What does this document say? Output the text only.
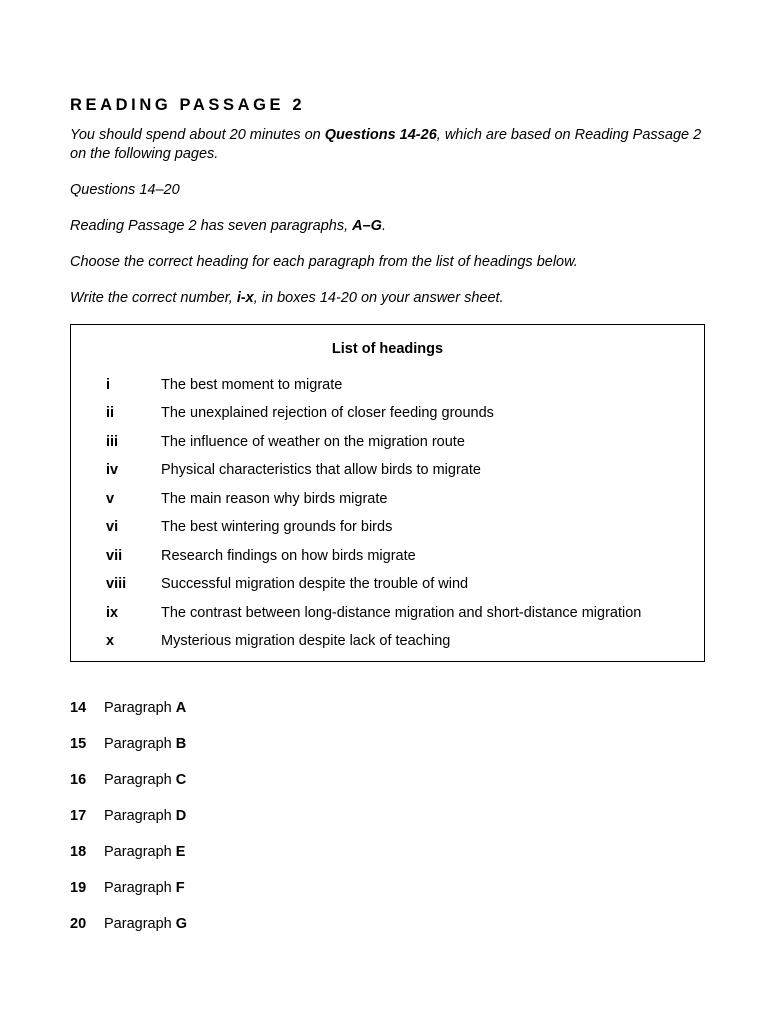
READING PASSAGE 2
You should spend about 20 minutes on Questions 14-26, which are based on Reading Passage 2 on the following pages.
Questions 14–20
Reading Passage 2 has seven paragraphs, A–G.
Choose the correct heading for each paragraph from the list of headings below.
Write the correct number, i-x, in boxes 14-20 on your answer sheet.
List of headings
i	The best moment to migrate
ii	The unexplained rejection of closer feeding grounds
iii	The influence of weather on the migration route
iv	Physical characteristics that allow birds to migrate
v	The main reason why birds migrate
vi	The best wintering grounds for birds
vii	Research findings on how birds migrate
viii	Successful migration despite the trouble of wind
ix	The contrast between long-distance migration and short-distance migration
x	Mysterious migration despite lack of teaching
14 Paragraph A
15 Paragraph B
16 Paragraph C
17 Paragraph D
18 Paragraph E
19 Paragraph F
20 Paragraph G
